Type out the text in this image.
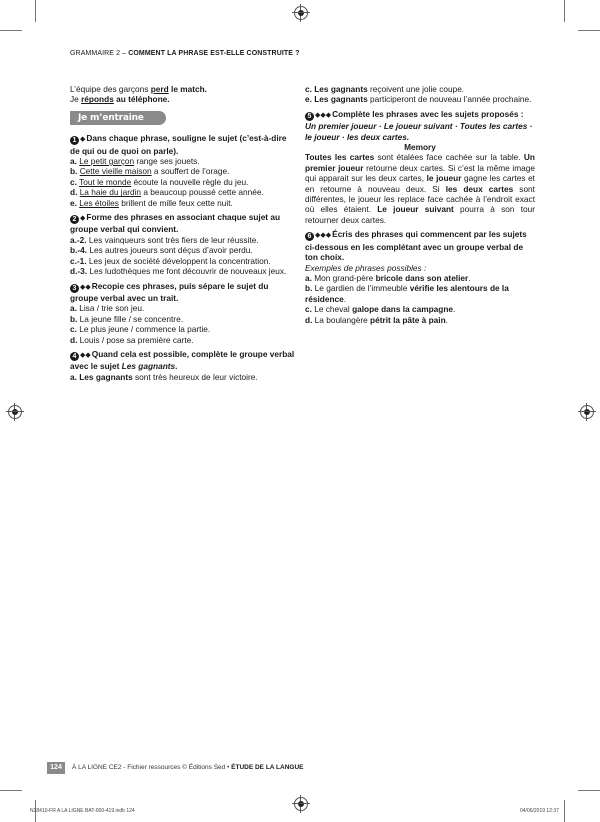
GRAMMAIRE 2 – COMMENT LA PHRASE EST-ELLE CONSTRUITE ?

L’équipe des garçons perd le match.

Je réponds au téléphone.

Je m’entraine

1 ◆Dans chaque phrase, souligne le sujet (c’est-à-dire de qui ou de quoi on parle).

a. Le petit garçon range ses jouets.

b. Cette vieille maison a souffert de l’orage.

c. Tout le monde écoute la nouvelle règle du jeu.

d. La haie du jardin a beaucoup poussé cette année.

e. Les étoiles brillent de mille feux cette nuit.

2 ◆Forme des phrases en associant chaque sujet au groupe verbal qui convient.

a.-2. Les vainqueurs sont très fiers de leur réussite.

b.-4. Les autres joueurs sont déçus d’avoir perdu.

c.-1. Les jeux de société développent la concentration.

d.-3. Les ludothèques me font découvrir de nouveaux jeux.

3 ◆◆Recopie ces phrases, puis sépare le sujet du groupe verbal avec un trait.

a. Lisa / trie son jeu.

b. La jeune fille / se concentre.

c. Le plus jeune / commence la partie.

d. Louis / pose sa première carte.

4 ◆◆Quand cela est possible, complète le groupe verbal avec le sujet Les gagnants.

a. Les gagnants sont très heureux de leur victoire.

c. Les gagnants reçoivent une jolie coupe.

e. Les gagnants participeront de nouveau l’année prochaine.

5 ◆◆◆Complète les phrases avec les sujets proposés : Un premier joueur · Le joueur suivant · Toutes les cartes · le joueur · les deux cartes.

Memory

Toutes les cartes sont étalées face cachée sur la table. Un premier joueur retourne deux cartes. Si c’est la même image qui apparait sur les deux cartes, le joueur gagne les cartes et en retourne à nouveau deux. Si les deux cartes sont différentes, le joueur les replace face cachée à l’endroit exact où elles étaient. Le joueur suivant pourra à son tour retourner deux cartes.

6 ◆◆◆Écris des phrases qui commencent par les sujets ci-dessous en les complétant avec un groupe verbal de ton choix.

Exemples de phrases possibles :

a. Mon grand-père bricole dans son atelier.

b. Le gardien de l’immeuble vérifie les alentours de la résidence.

c. Le cheval galope dans la campagne.

d. La boulangère pétrit la pâte à pain.

124	À LA LIGNE CE2 - Fichier ressources © Éditions Sed • ÉTUDE DE LA LANGUE
N28410-FR A LA LIGNE BAT-000-419.indb 124	04/06/2019 12:37
